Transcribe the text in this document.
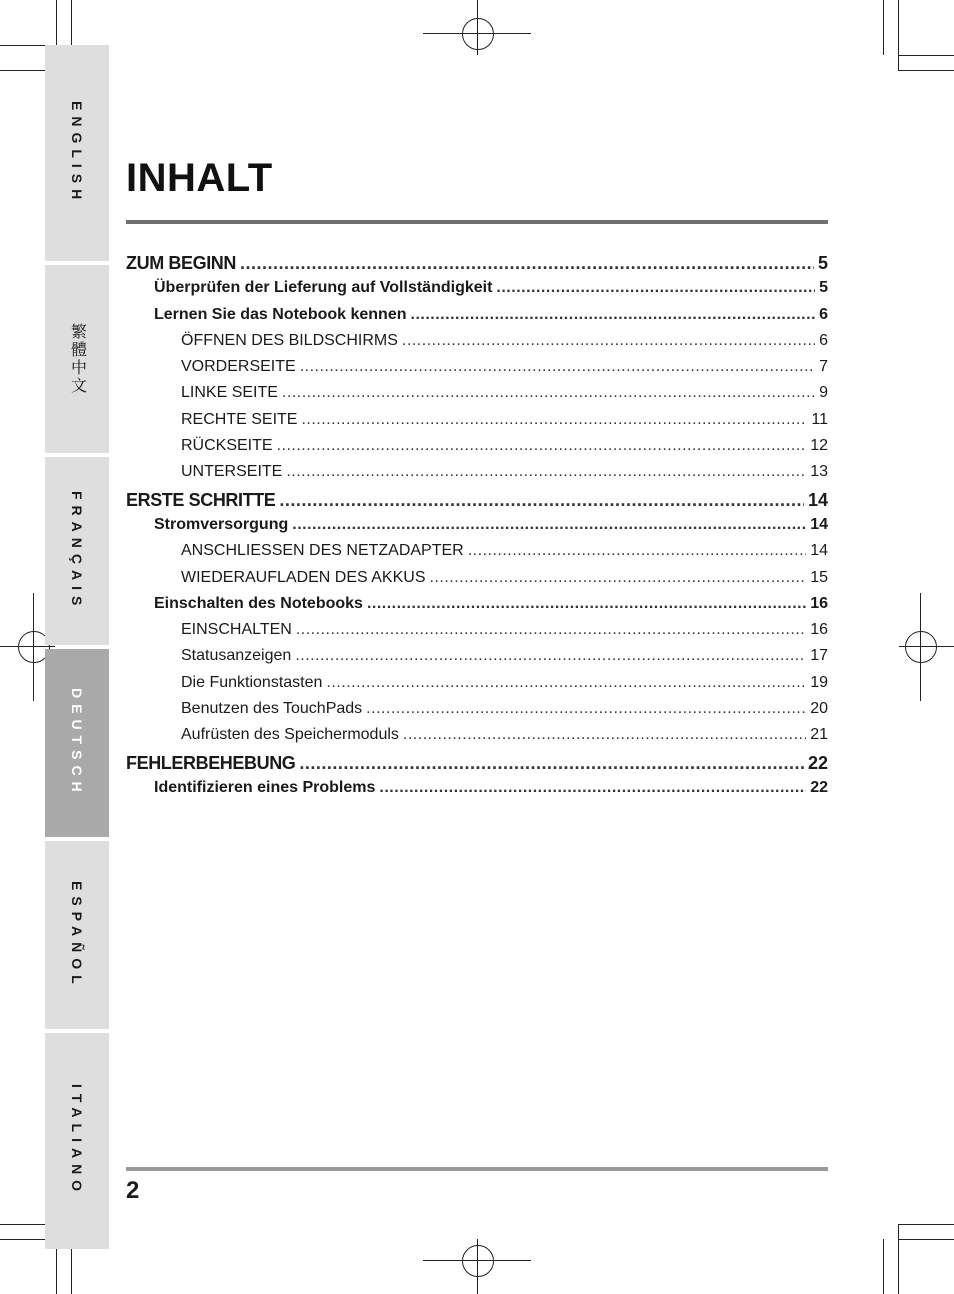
ENGLISH
繁體中文
FRANÇAIS
DEUTSCH
ESPAÑOL
ITALIANO
INHALT
ZUM BEGINN .....	5
Überprüfen der Lieferung auf Vollständigkeit .....	5
Lernen Sie das Notebook kennen .....	6
ÖFFNEN DES BILDSCHIRMS .....	6
VORDERSEITE .....	7
LINKE SEITE .....	9
RECHTE SEITE .....	11
RÜCKSEITE .....	12
UNTERSEITE .....	13
ERSTE SCHRITTE .....	14
Stromversorgung .....	14
ANSCHLIESSEN DES NETZADAPTER .....	14
WIEDERAUFLADEN DES AKKUS .....	15
Einschalten des Notebooks .....	16
EINSCHALTEN .....	16
Statusanzeigen .....	17
Die Funktionstasten .....	19
Benutzen des TouchPads .....	20
Aufrüsten des Speichermoduls .....	21
FEHLERBEHEBUNG .....	22
Identifizieren eines Problems .....	22
2
